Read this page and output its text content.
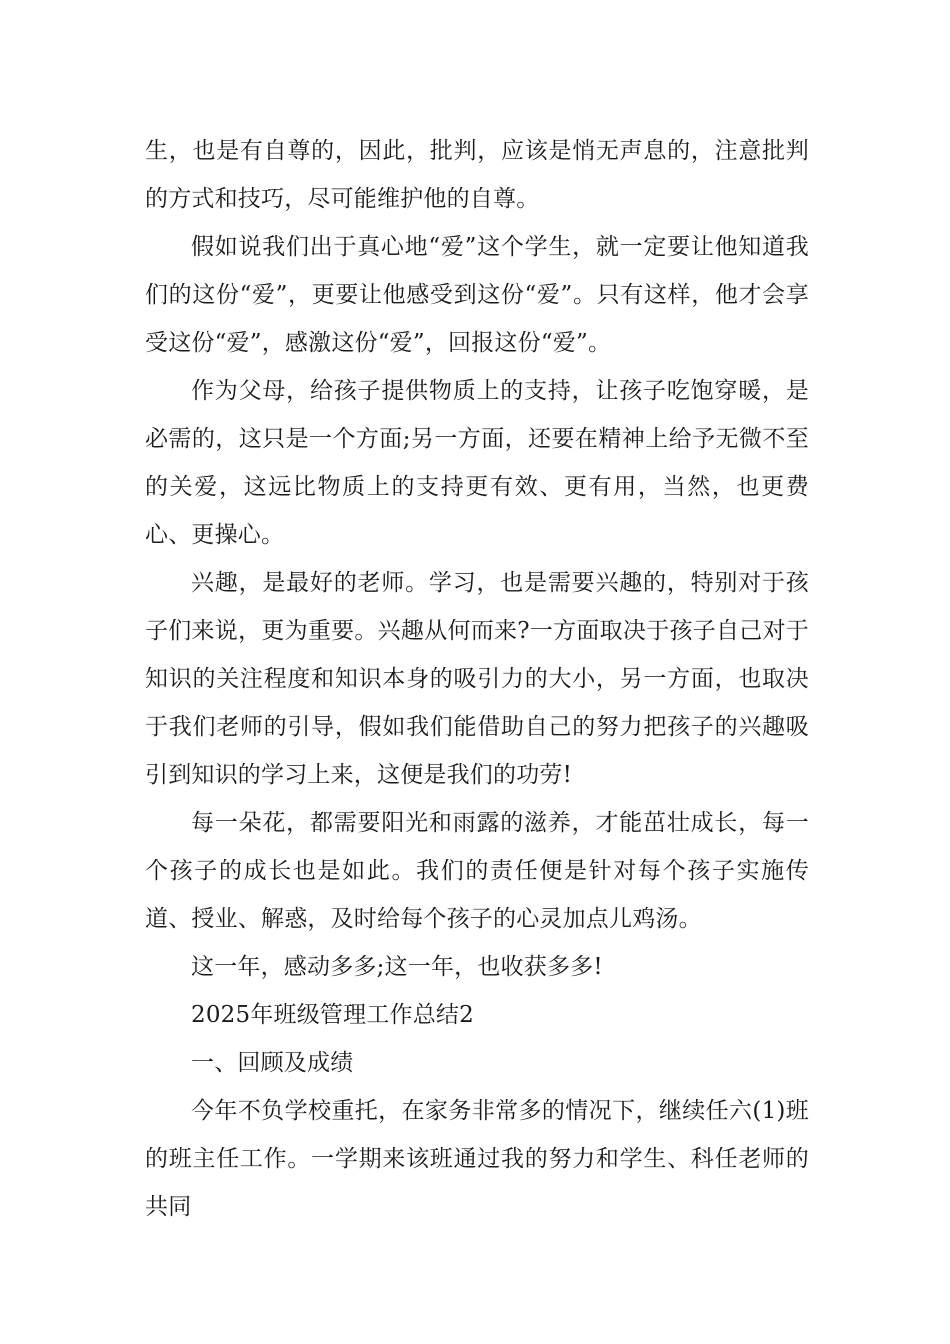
生，也是有自尊的，因此，批判，应该是悄无声息的，注意批判的方式和技巧，尽可能维护他的自尊。

假如说我们出于真心地“爱”这个学生，就一定要让他知道我们的这份“爱”，更要让他感受到这份“爱”。只有这样，他才会享受这份“爱”，感激这份“爱”，回报这份“爱”。

作为父母，给孩子提供物质上的支持，让孩子吃饱穿暖，是必需的，这只是一个方面;另一方面，还要在精神上给予无微不至的关爱，这远比物质上的支持更有效、更有用，当然，也更费心、更操心。

兴趣，是最好的老师。学习，也是需要兴趣的，特别对于孩子们来说，更为重要。兴趣从何而来?一方面取决于孩子自己对于知识的关注程度和知识本身的吸引力的大小，另一方面，也取决于我们老师的引导，假如我们能借助自己的努力把孩子的兴趣吸引到知识的学习上来，这便是我们的功劳!

每一朵花，都需要阳光和雨露的滋养，才能茁壮成长，每一个孩子的成长也是如此。我们的责任便是针对每个孩子实施传道、授业、解惑，及时给每个孩子的心灵加点儿鸡汤。

这一年，感动多多;这一年，也收获多多!

2025年班级管理工作总结2

一、回顾及成绩

今年不负学校重托，在家务非常多的情况下，继续任六(1)班的班主任工作。一学期来该班通过我的努力和学生、科任老师的共同
